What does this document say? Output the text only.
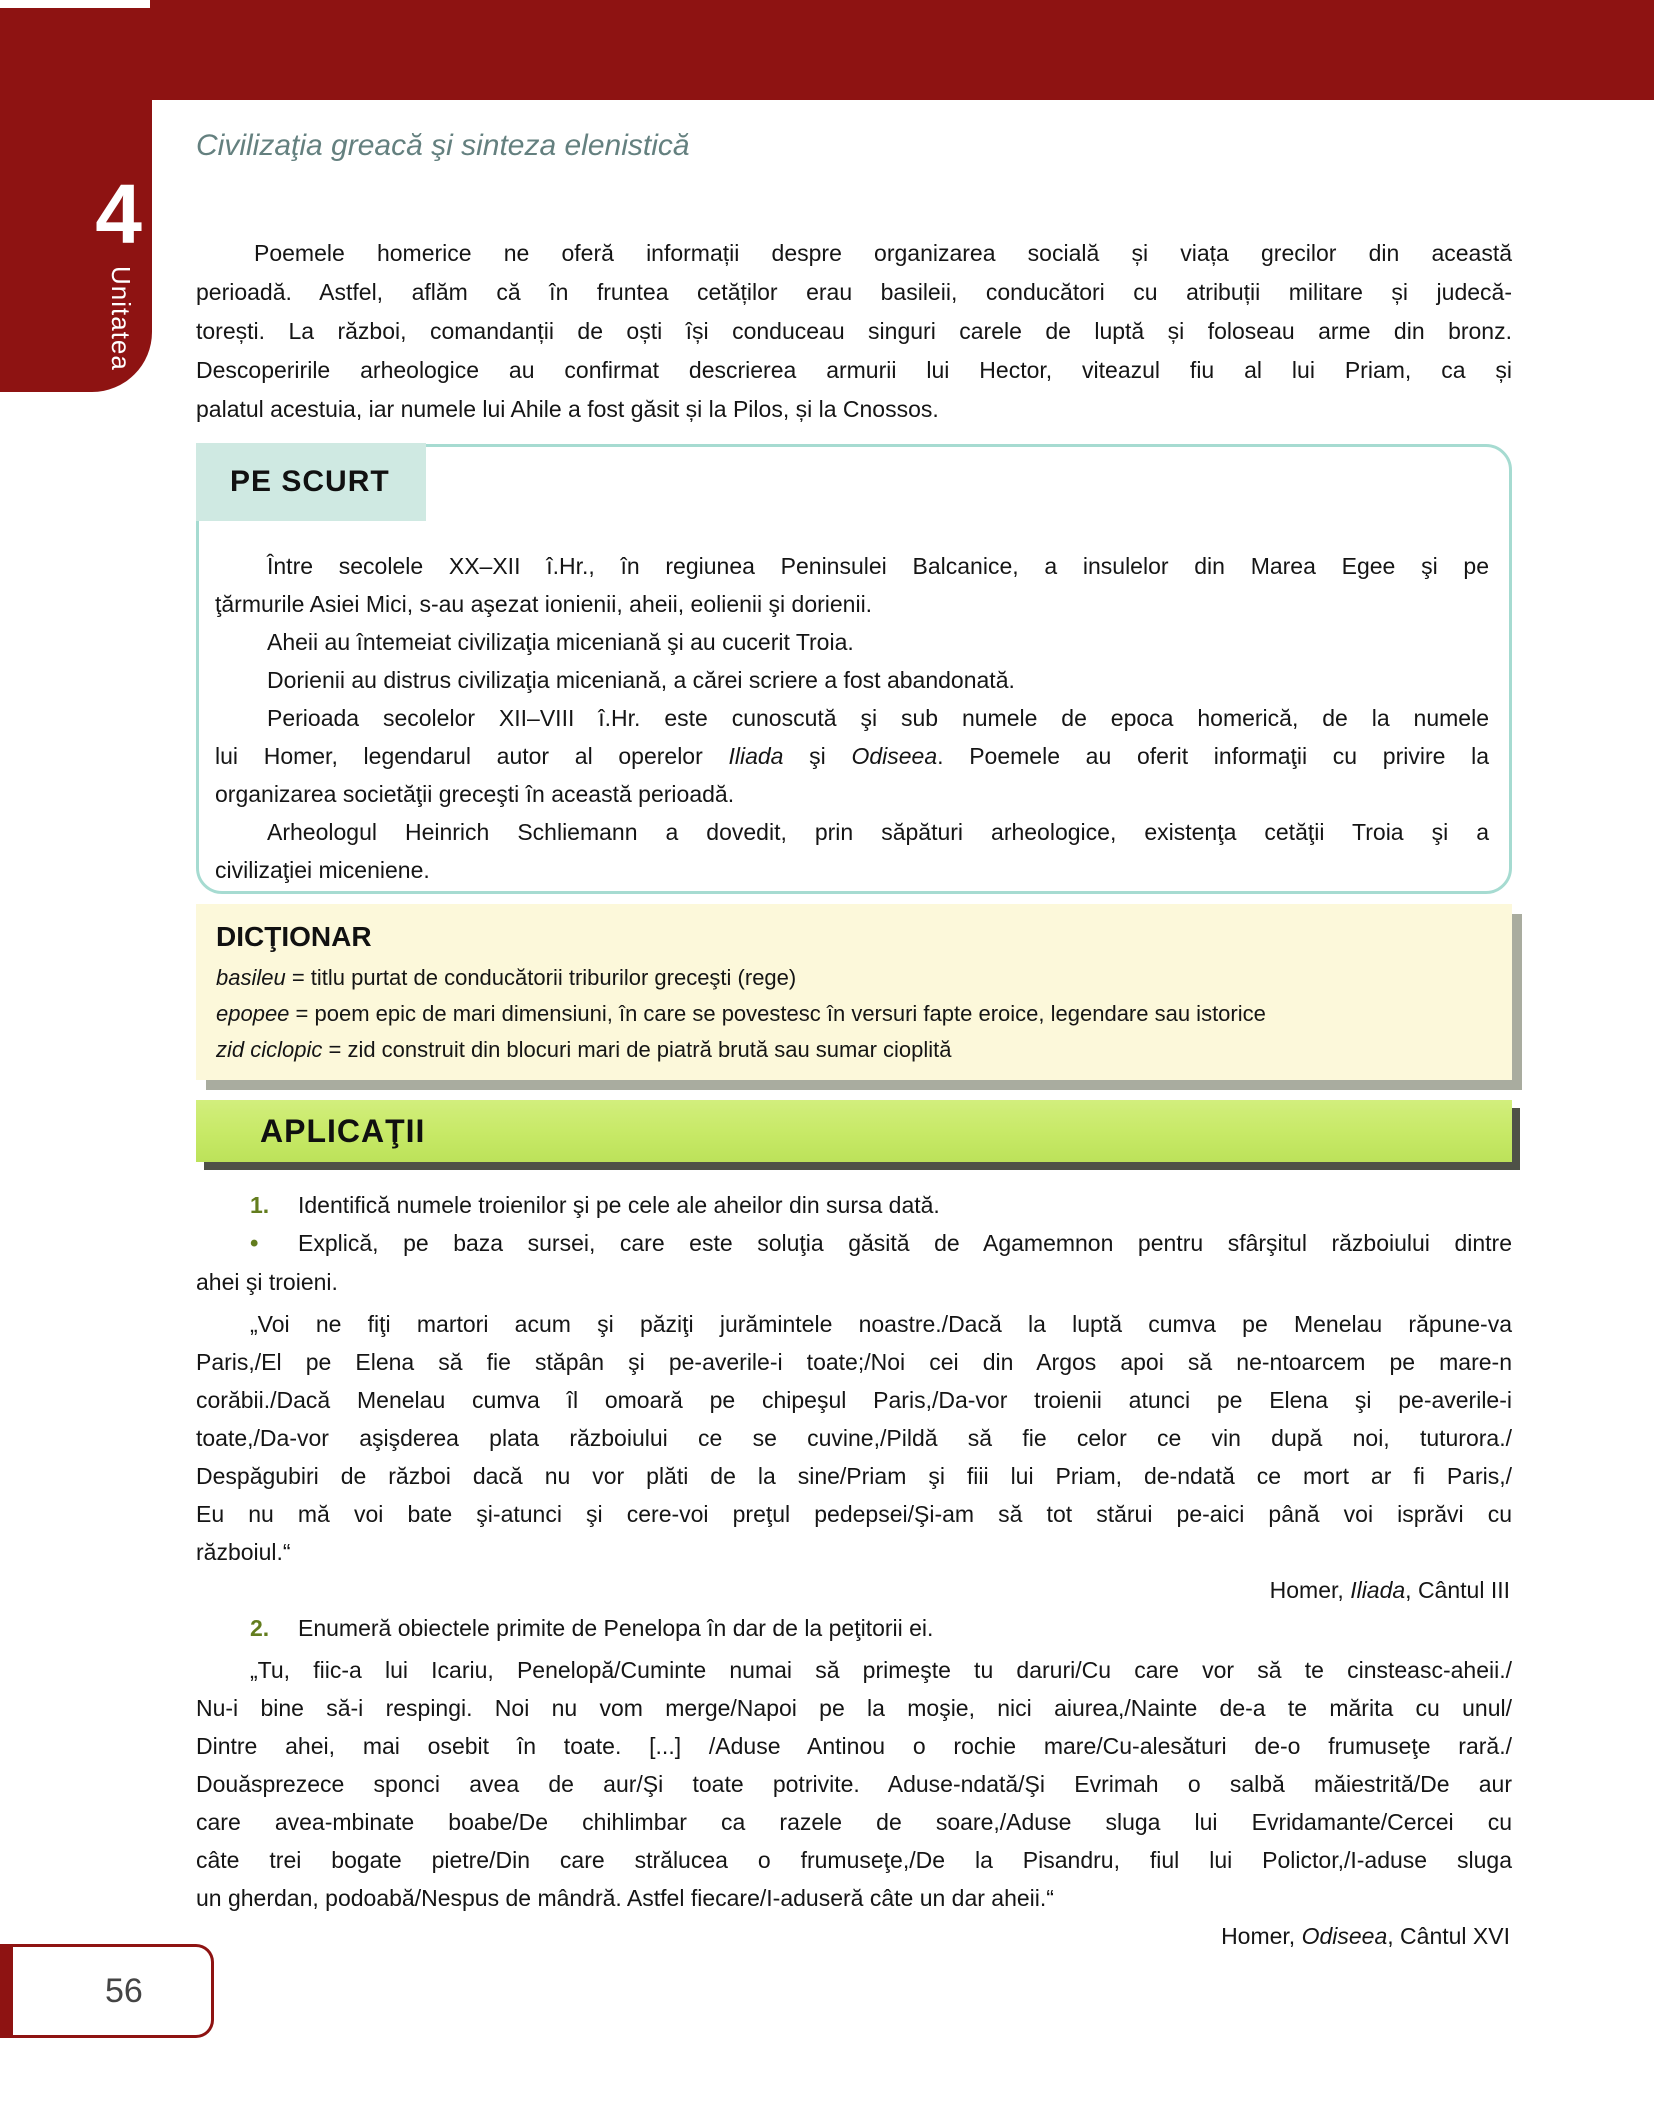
4
Unitatea
Civilizaţia greacă şi sinteza elenistică
Poemele homerice ne oferă informații despre organizarea socială și viața grecilor din această
perioadă. Astfel, aflăm că în fruntea cetăților erau basileii, conducători cu atribuții militare și judecă-
torești. La război, comandanții de oști își conduceau singuri carele de luptă și foloseau arme din bronz.
Descoperirile arheologice au confirmat descrierea armurii lui Hector, viteazul fiu al lui Priam, ca și
palatul acestuia, iar numele lui Ahile a fost găsit și la Pilos, și la Cnossos.
PE SCURT
Între secolele XX–XII î.Hr., în regiunea Peninsulei Balcanice, a insulelor din Marea Egee şi pe
ţărmurile Asiei Mici, s-au aşezat ionienii, aheii, eolienii şi dorienii.
Aheii au întemeiat civilizaţia miceniană şi au cucerit Troia.
Dorienii au distrus civilizaţia miceniană, a cărei scriere a fost abandonată.
Perioada secolelor XII–VIII î.Hr. este cunoscută şi sub numele de epoca homerică, de la numele
lui Homer, legendarul autor al operelor Iliada şi Odiseea. Poemele au oferit informaţii cu privire la
organizarea societăţii greceşti în această perioadă.
Arheologul Heinrich Schliemann a dovedit, prin săpături arheologice, existenţa cetăţii Troia şi a
civilizaţiei miceniene.
DICŢIONAR
basileu = titlu purtat de conducătorii triburilor greceşti (rege)
epopee = poem epic de mari dimensiuni, în care se povestesc în versuri fapte eroice, legendare sau istorice
zid ciclopic = zid construit din blocuri mari de piatră brută sau sumar cioplită
APLICAŢII
1. Identifică numele troienilor şi pe cele ale aheilor din sursa dată.
• Explică, pe baza sursei, care este soluţia găsită de Agamemnon pentru sfârşitul războiului dintre
ahei şi troieni.
„Voi ne fiţi martori acum şi păziţi jurămintele noastre./Dacă la luptă cumva pe Menelau răpune-va
Paris,/El pe Elena să fie stăpân şi pe-averile-i toate;/Noi cei din Argos apoi să ne-ntoarcem pe mare-n
corăbii./Dacă Menelau cumva îl omoară pe chipeşul Paris,/Da-vor troienii atunci pe Elena şi pe-averile-i
toate,/Da-vor aşişderea plata războiului ce se cuvine,/Pildă să fie celor ce vin după noi, tuturora./
Despăgubiri de război dacă nu vor plăti de la sine/Priam şi fiii lui Priam, de-ndată ce mort ar fi Paris,/
Eu nu mă voi bate şi-atunci şi cere-voi preţul pedepsei/Şi-am să tot stărui pe-aici până voi isprăvi cu
războiul.“
Homer, Iliada, Cântul III
2. Enumeră obiectele primite de Penelopa în dar de la peţitorii ei.
„Tu, fiic-a lui Icariu, Penelopă/Cuminte numai să primeşte tu daruri/Cu care vor să te cinsteasc-aheii./
Nu-i bine să-i respingi. Noi nu vom merge/Napoi pe la moşie, nici aiurea,/Nainte de-a te mărita cu unul/
Dintre ahei, mai osebit în toate. [...] /Aduse Antinou o rochie mare/Cu-alesături de-o frumuseţe rară./
Douăsprezece sponci avea de aur/Şi toate potrivite. Aduse-ndată/Şi Evrimah o salbă măiestrită/De aur
care avea-mbinate boabe/De chihlimbar ca razele de soare,/Aduse sluga lui Evridamante/Cercei cu
câte trei bogate pietre/Din care strălucea o frumuseţe,/De la Pisandru, fiul lui Polictor,/I-aduse sluga
un gherdan, podoabă/Nespus de mândră. Astfel fiecare/I-aduseră câte un dar aheii.“
Homer, Odiseea, Cântul XVI
56
